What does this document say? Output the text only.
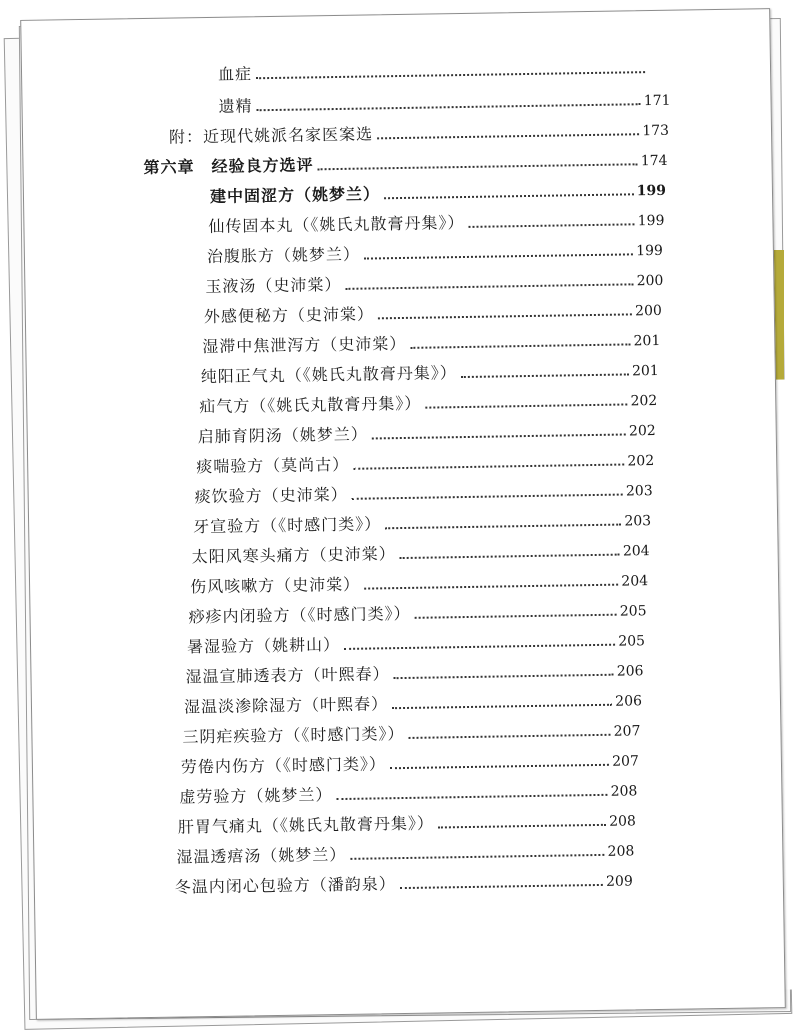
血症
遗精	171
附：近现代姚派名家医案选	173
第六章　经验良方选评	174
建中固涩方（姚梦兰）	199
仙传固本丸（《姚氏丸散膏丹集》）	199
治腹胀方（姚梦兰）	199
玉液汤（史沛棠）	200
外感便秘方（史沛棠）	200
湿滞中焦泄泻方（史沛棠）	201
纯阳正气丸（《姚氏丸散膏丹集》）	201
疝气方（《姚氏丸散膏丹集》）	202
启肺育阴汤（姚梦兰）	202
痰喘验方（莫尚古）	202
痰饮验方（史沛棠）	203
牙宣验方（《时感门类》）	203
太阳风寒头痛方（史沛棠）	204
伤风咳嗽方（史沛棠）	204
痧疹内闭验方（《时感门类》）	205
暑湿验方（姚耕山）	205
湿温宣肺透表方（叶熙春）	206
湿温淡渗除湿方（叶熙春）	206
三阴疟疾验方（《时感门类》）	207
劳倦内伤方（《时感门类》）	207
虚劳验方（姚梦兰）	208
肝胃气痛丸（《姚氏丸散膏丹集》）	208
湿温透痦汤（姚梦兰）	208
冬温内闭心包验方（潘韵泉）	209
